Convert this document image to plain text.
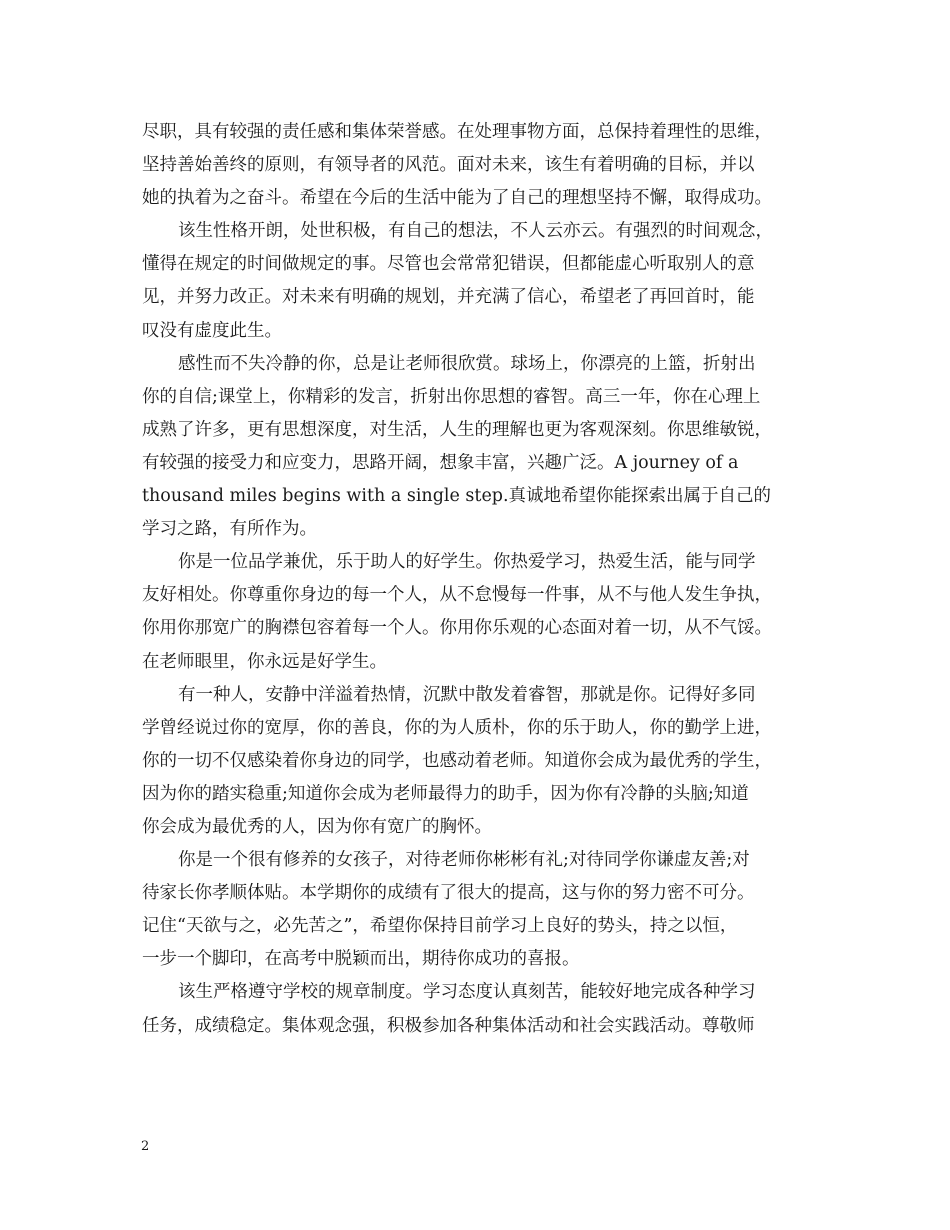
尽职，具有较强的责任感和集体荣誉感。在处理事物方面，总保持着理性的思维，
坚持善始善终的原则，有领导者的风范。面对未来，该生有着明确的目标，并以
她的执着为之奋斗。希望在今后的生活中能为了自己的理想坚持不懈，取得成功。
该生性格开朗，处世积极，有自己的想法，不人云亦云。有强烈的时间观念，
懂得在规定的时间做规定的事。尽管也会常常犯错误，但都能虚心听取别人的意
见，并努力改正。对未来有明确的规划，并充满了信心，希望老了再回首时，能
叹没有虚度此生。
感性而不失冷静的你，总是让老师很欣赏。球场上，你漂亮的上篮，折射出
你的自信;课堂上，你精彩的发言，折射出你思想的睿智。高三一年，你在心理上
成熟了许多，更有思想深度，对生活，人生的理解也更为客观深刻。你思维敏锐，
有较强的接受力和应变力，思路开阔，想象丰富，兴趣广泛。A journey of a
thousand miles begins with a single step.真诚地希望你能探索出属于自己的
学习之路，有所作为。
你是一位品学兼优，乐于助人的好学生。你热爱学习，热爱生活，能与同学
友好相处。你尊重你身边的每一个人，从不怠慢每一件事，从不与他人发生争执，
你用你那宽广的胸襟包容着每一个人。你用你乐观的心态面对着一切，从不气馁。
在老师眼里，你永远是好学生。
有一种人，安静中洋溢着热情，沉默中散发着睿智，那就是你。记得好多同
学曾经说过你的宽厚，你的善良，你的为人质朴，你的乐于助人，你的勤学上进，
你的一切不仅感染着你身边的同学，也感动着老师。知道你会成为最优秀的学生，
因为你的踏实稳重;知道你会成为老师最得力的助手，因为你有冷静的头脑;知道
你会成为最优秀的人，因为你有宽广的胸怀。
你是一个很有修养的女孩子，对待老师你彬彬有礼;对待同学你谦虚友善;对
待家长你孝顺体贴。本学期你的成绩有了很大的提高，这与你的努力密不可分。
记住“天欲与之，必先苦之”，希望你保持目前学习上良好的势头，持之以恒，
一步一个脚印，在高考中脱颖而出，期待你成功的喜报。
该生严格遵守学校的规章制度。学习态度认真刻苦，能较好地完成各种学习
任务，成绩稳定。集体观念强，积极参加各种集体活动和社会实践活动。尊敬师
2
